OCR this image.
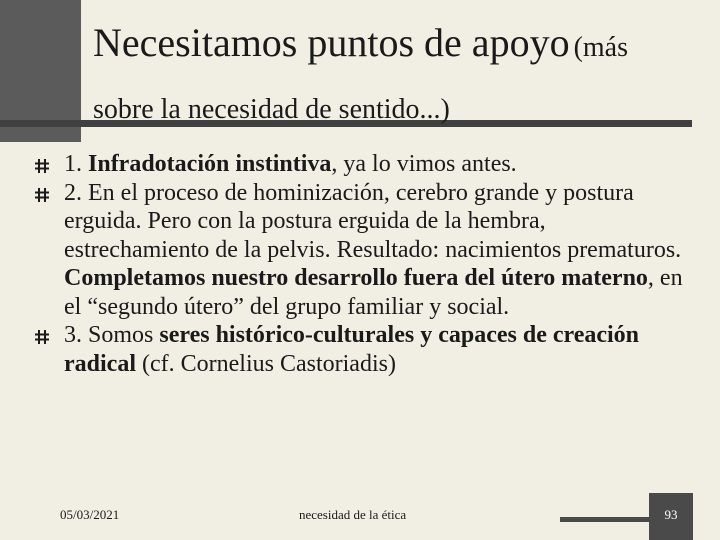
Necesitamos puntos de apoyo (más
sobre la necesidad de sentido...)
1. Infradotación instintiva, ya lo vimos antes.
2. En el proceso de hominización, cerebro grande y postura erguida. Pero con la postura erguida de la hembra, estrechamiento de la pelvis. Resultado: nacimientos prematuros. Completamos nuestro desarrollo fuera del útero materno, en el “segundo útero” del grupo familiar y social.
3. Somos seres histórico-culturales y capaces de creación radical (cf. Cornelius Castoriadis)
05/03/2021	necesidad de la ética	93
